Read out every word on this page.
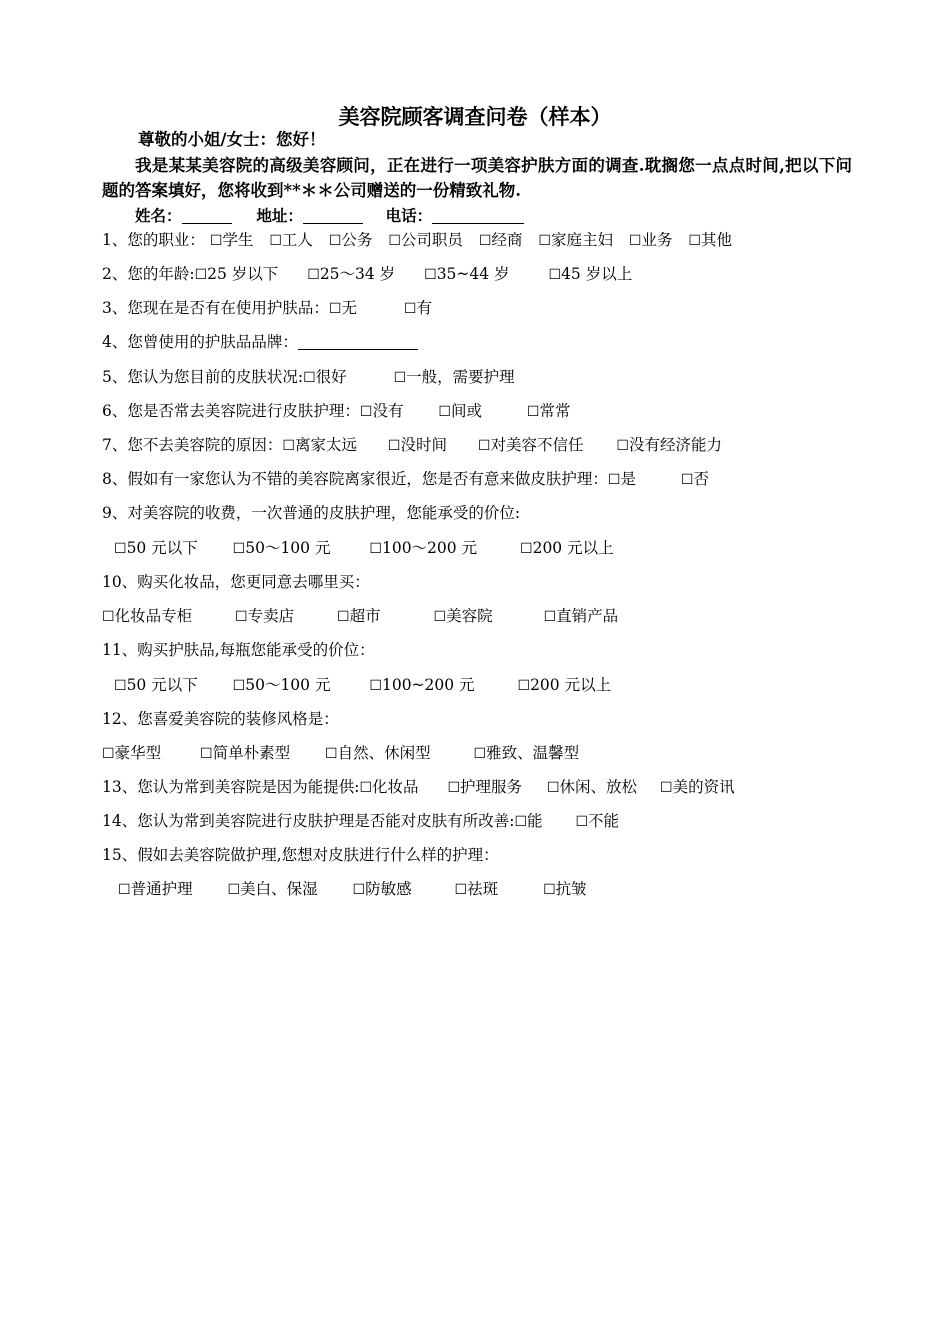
美容院顾客调查问卷（样本）
尊敬的小姐/女士：您好！
我是某某美容院的高级美容顾问，正在进行一项美容护肤方面的调查.耽搁您一点点时间,把以下问题的答案填好，您将收到**＊＊公司赠送的一份精致礼物.
姓名：	地址：	电话：
1、您的职业： ☐学生 ☐工人 ☐公务 ☐公司职员 ☐经商 ☐家庭主妇 ☐业务 ☐其他
2、您的年龄:☐25 岁以下 ☐25～34 岁 ☐35~44 岁	☐45 岁以上
3、您现在是否有在使用护肤品：☐无	☐有
4、您曾使用的护肤品品牌：
5、您认为您目前的皮肤状况:☐很好	☐一般，需要护理
6、您是否常去美容院进行皮肤护理：☐没有 ☐间或	☐常常
7、您不去美容院的原因：☐离家太远 ☐没时间 ☐对美容不信任 ☐没有经济能力
8、假如有一家您认为不错的美容院离家很近，您是否有意来做皮肤护理：☐是	☐否
9、对美容院的收费，一次普通的皮肤护理，您能承受的价位:
☐50 元以下 ☐50～100 元	☐100～200 元	☐200 元以上
10、购买化妆品，您更同意去哪里买：
☐化妆品专柜	☐专卖店	☐超市	☐美容院	☐直销产品
11、购买护肤品,每瓶您能承受的价位：
☐50 元以下 ☐50～100 元	☐100~200 元	☐200 元以上
12、您喜爱美容院的装修风格是：
☐豪华型	☐简单朴素型 ☐自然、休闲型	☐雅致、温馨型
13、您认为常到美容院是因为能提供:☐化妆品 ☐护理服务 ☐休闲、放松 ☐美的资讯
14、您认为常到美容院进行皮肤护理是否能对皮肤有所改善:☐能 ☐不能
15、假如去美容院做护理,您想对皮肤进行什么样的护理：
☐普通护理 ☐美白、保湿 ☐防敏感	☐祛斑	☐抗皱
